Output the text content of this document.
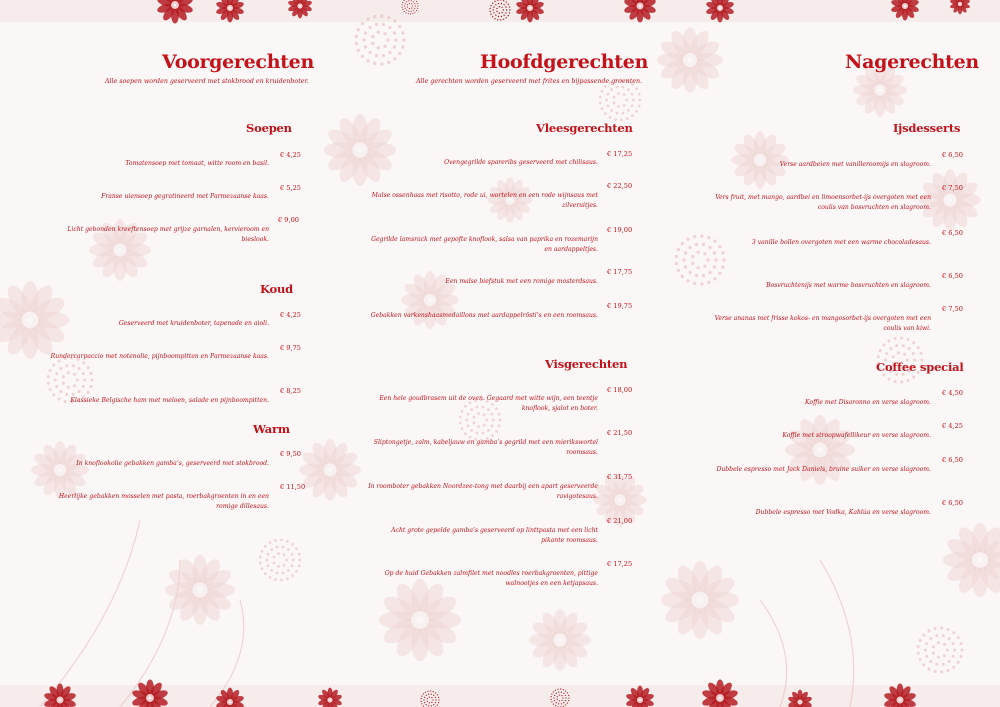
Voorgerechten
Alle soepen worden geserveerd met stokbrood en kruidenboter.
Soepen
€ 4,25
Tomatensoep met tomaat, witte room en basil.
€ 5,25
Franse uiensoep gegratineerd met Parmezaanse kaas.
€ 9,00
Licht gebonden kreeftensoep met grijze garnalen, kervieroom en bieslook.
Koud
€ 4,25
Geserveerd met kruidenboter, tapenade en aioli.
€ 9,75
Rundercarpaccio met notenolie, pijnboompitten en Parmezaanse kaas.
€ 8,25
Klassieke Belgische ham met meloen, salade en pijnboompitten.
Warm
€ 9,50
In knoflookolie gebakken gamba’s, geserveerd met stokbrood.
€ 11,50
Heerlijke gebakken mosselen met pasta, roerbakgroenten in en een romige dillesaus.
Hoofdgerechten
Alle gerechten worden geserveerd met frites en bijpassende groenten.
Vleesgerechten
€ 17,25
Ovengegrilde spareribs geserveerd met chilisaus.
€ 22,50
Malse ossenhaas met risotto, rode ui, wortelen en een rode wijnsaus met zilveruitjes.
€ 19,00
Gegrilde lamsrack met gepofte knoflook, salsa van paprika en rozemarijn en aardappeltjes.
€ 17,75
Een malse biefstuk met een romige mosterdsaus.
€ 19,75
Gebakken varkenshaasmedaillons met aardappelrösti’s en een roomsaus.
Visgerechten
€ 18,00
Een hele goudbrasem uit de oven. Gegaard met witte wijn, een teentje knoflook, sjalot en boter.
€ 21,50
Sliptongetje, zalm, kabeljauw en gamba’s gegrild met een mierikswortel roomsaus.
€ 31,75
In roomboter gebakken Noordzee-tong met daarbij een apart geserveerde ravigotesaus.
€ 21,00
Acht grote gepelde gamba’s geserveerd op linttpasta met een licht pikante roomsaus.
€ 17,25
Op de huid Gebakken zalmfilet met noodles roerbakgroenten, pittige walnootjes en een ketjapsaus.
Nagerechten
Ijsdesserts
€ 6,50
Verse aardbeien met vanilleroomijs en slagroom.
€ 7,50
Vers fruit, met mango, aardbei en limoensorbet-ijs overgoten met een coulis van bosvruchten en slagroom.
€ 6,50
3 vanille bollen overgoten met een warme chocoladesaus.
€ 6,50
Bosvruchtenijs met warme bosvruchten en slagroom.
€ 7,50
Verse ananas met frisse kokos- en mangosorbet-ijs overgoten met een coulis van kiwi.
Coffee special
€ 4,50
Koffie met Disaronno en verse slagroom.
€ 4,25
Koffie met stroopwafellikeur en verse slagroom.
€ 6,50
Dubbele espresso met Jack Daniels, bruine suiker en verse slagroom.
€ 6,50
Dubbele espresso met Vodka, Kahlúa en verse slagroom.
